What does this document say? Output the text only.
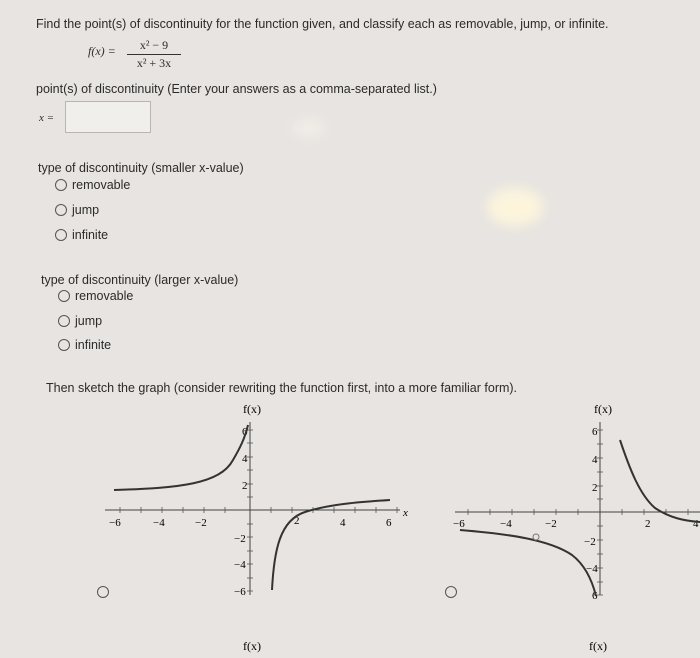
Find the point(s) of discontinuity for the function given, and classify each as removable, jump, or infinite.
f(x) =	x² − 9
x² + 3x
point(s) of discontinuity (Enter your answers as a comma-separated list.)
x =
type of discontinuity (smaller x-value)
removable
jump
infinite
type of discontinuity (larger x-value)
removable
jump
infinite
Then sketch the graph (consider rewriting the function first, into a more familiar form).
f(x)
−6	−4	−2	2	4	6
x
6
4
2
−2
−4
−6
f(x)
f(x)
−6	−4	−2	2	4
6
4
2
−2
−4
6
f(x)
